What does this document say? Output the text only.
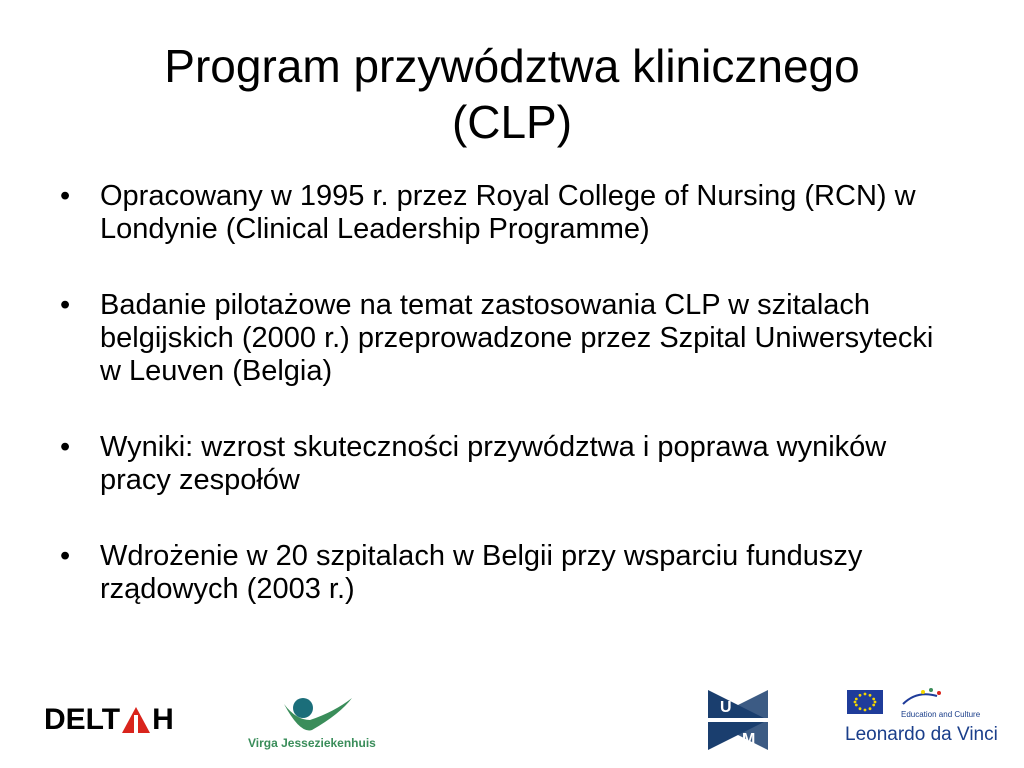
Program przywództwa klinicznego
(CLP)
•	Opracowany w 1995 r. przez Royal College of Nursing (RCN) w Londynie (Clinical Leadership Programme)
•	Badanie pilotażowe na temat zastosowania CLP w szitalach belgijskich (2000 r.) przeprowadzone przez Szpital Uniwersytecki w Leuven (Belgia)
•	Wyniki: wzrost skuteczności przywództwa i poprawa wyników pracy zespołów
•	Wdrożenie w 20 szpitalach w Belgii przy wsparciu funduszy rządowych (2003 r.)
DELT H
Virga Jesseziekenhuis
U
M
Education and Culture
Leonardo da Vinci
